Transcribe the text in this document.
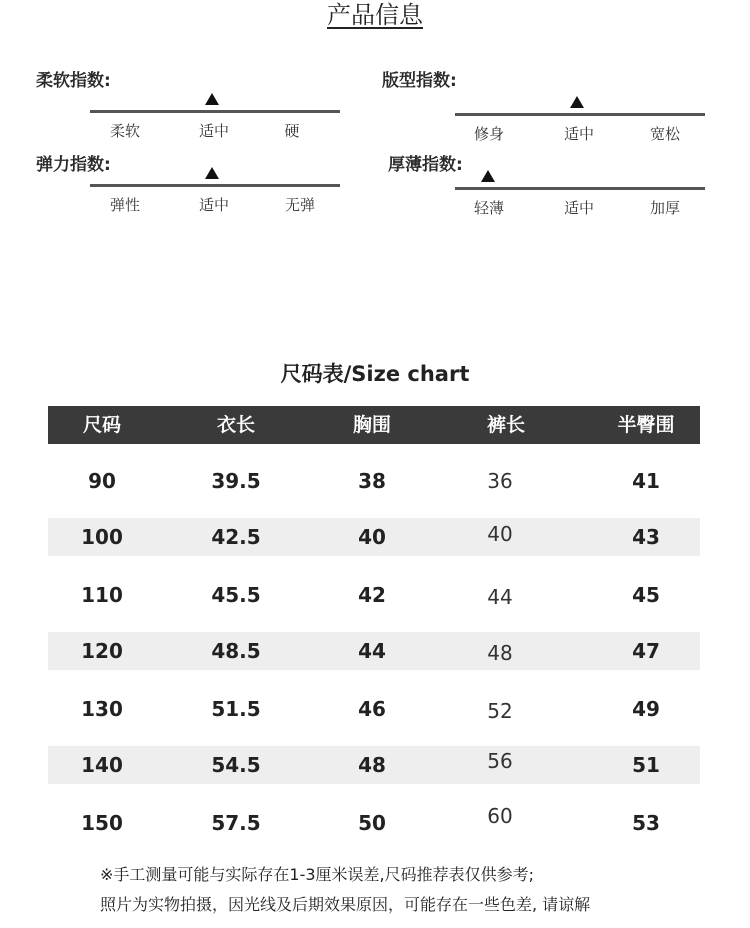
产品信息
柔软指数:
柔软	适中	硬
版型指数:
修身	适中	宽松
弹力指数:
弹性	适中	无弹
厚薄指数:
轻薄	适中	加厚
尺码表/Size chart
尺码	衣长	胸围	裤长	半臀围
90	39.5	38	36	41
100	42.5	40	40	43
110	45.5	42	44	45
120	48.5	44	48	47
130	51.5	46	52	49
140	54.5	48	56	51
150	57.5	50	60	53
※手工测量可能与实际存在1-3厘米误差,尺码推荐表仅供参考;
照片为实物拍摄，因光线及后期效果原因，可能存在一些色差, 请谅解
